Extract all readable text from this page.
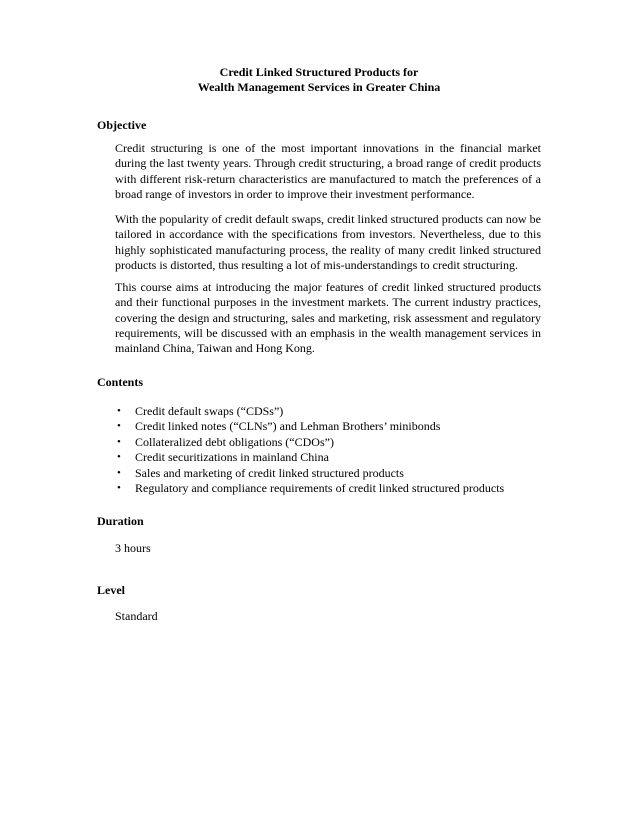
Credit Linked Structured Products for
Wealth Management Services in Greater China
Objective
Credit structuring is one of the most important innovations in the financial market during the last twenty years. Through credit structuring, a broad range of credit products with different risk-return characteristics are manufactured to match the preferences of a broad range of investors in order to improve their investment performance.
With the popularity of credit default swaps, credit linked structured products can now be tailored in accordance with the specifications from investors. Nevertheless, due to this highly sophisticated manufacturing process, the reality of many credit linked structured products is distorted, thus resulting a lot of mis-understandings to credit structuring.
This course aims at introducing the major features of credit linked structured products and their functional purposes in the investment markets. The current industry practices, covering the design and structuring, sales and marketing, risk assessment and regulatory requirements, will be discussed with an emphasis in the wealth management services in mainland China, Taiwan and Hong Kong.
Contents
• Credit default swaps (“CDSs”)
• Credit linked notes (“CLNs”) and Lehman Brothers’ minibonds
• Collateralized debt obligations (“CDOs”)
• Credit securitizations in mainland China
• Sales and marketing of credit linked structured products
• Regulatory and compliance requirements of credit linked structured products
Duration
3 hours
Level
Standard
